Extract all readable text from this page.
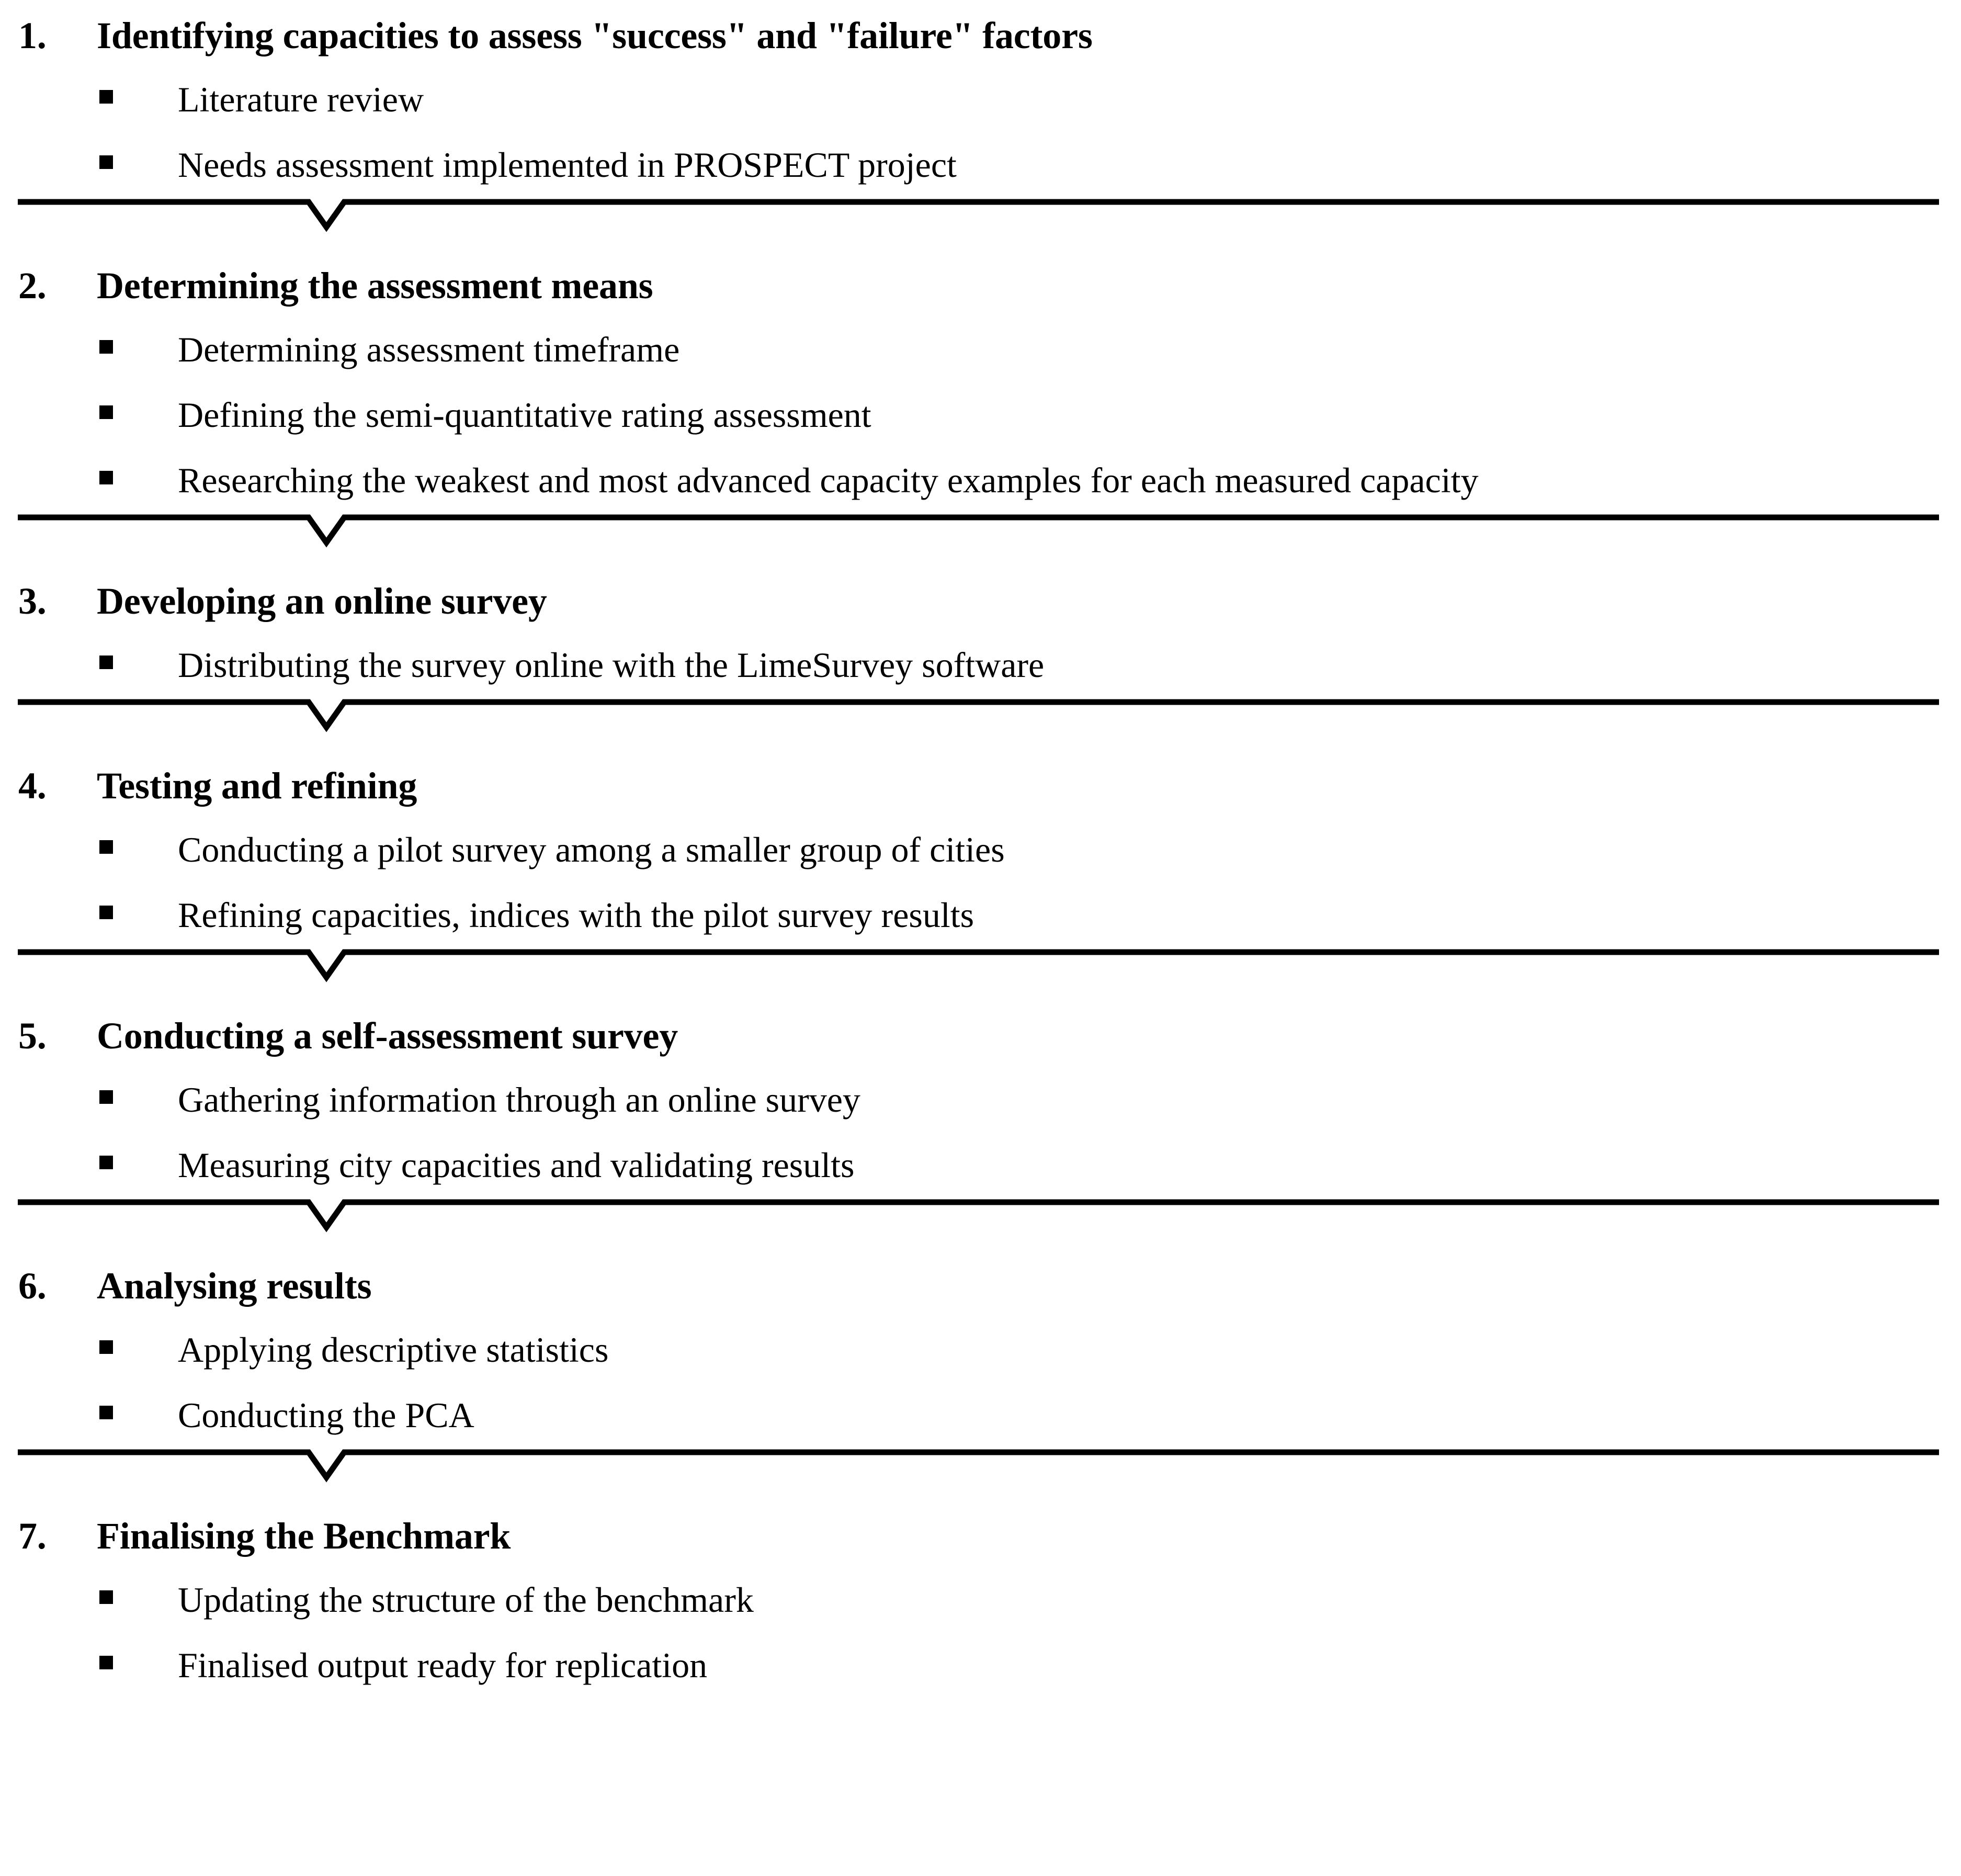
1.	Identifying capacities to assess "success" and "failure" factors
Literature review
Needs assessment implemented in PROSPECT project
2.	Determining the assessment means
Determining assessment timeframe
Defining the semi-quantitative rating assessment
Researching the weakest and most advanced capacity examples for each measured capacity
3.	Developing an online survey
Distributing the survey online with the LimeSurvey software
4.	Testing and refining
Conducting a pilot survey among a smaller group of cities
Refining capacities, indices with the pilot survey results
5.	Conducting a self-assessment survey
Gathering information through an online survey
Measuring city capacities and validating results
6.	Analysing results
Applying descriptive statistics
Conducting the PCA
7.	Finalising the Benchmark
Updating the structure of the benchmark
Finalised output ready for replication
